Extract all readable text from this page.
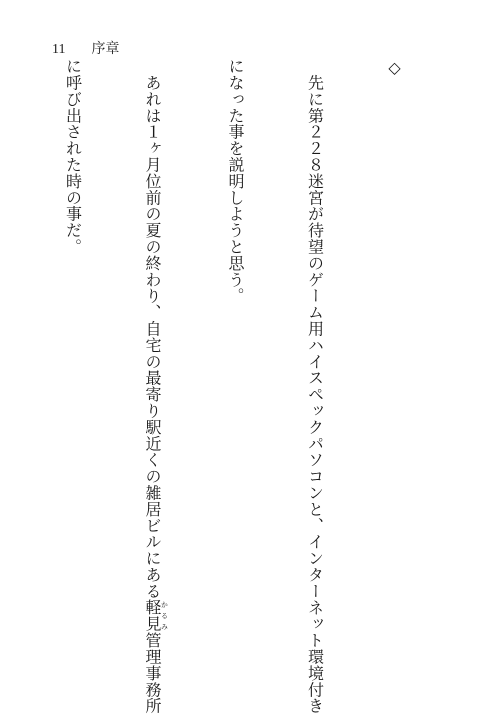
11 序章

◇

　先に第２２８迷宮が待望のゲーム用ハイスペックパソコンと、インターネット環境付き

になった事を説明しようと思う。

　あれは１ヶ月位前の夏の終わり、自宅の最寄り駅近くの雑居ビルにある軽見かるみ管理事務所

に呼び出された時の事だ。
